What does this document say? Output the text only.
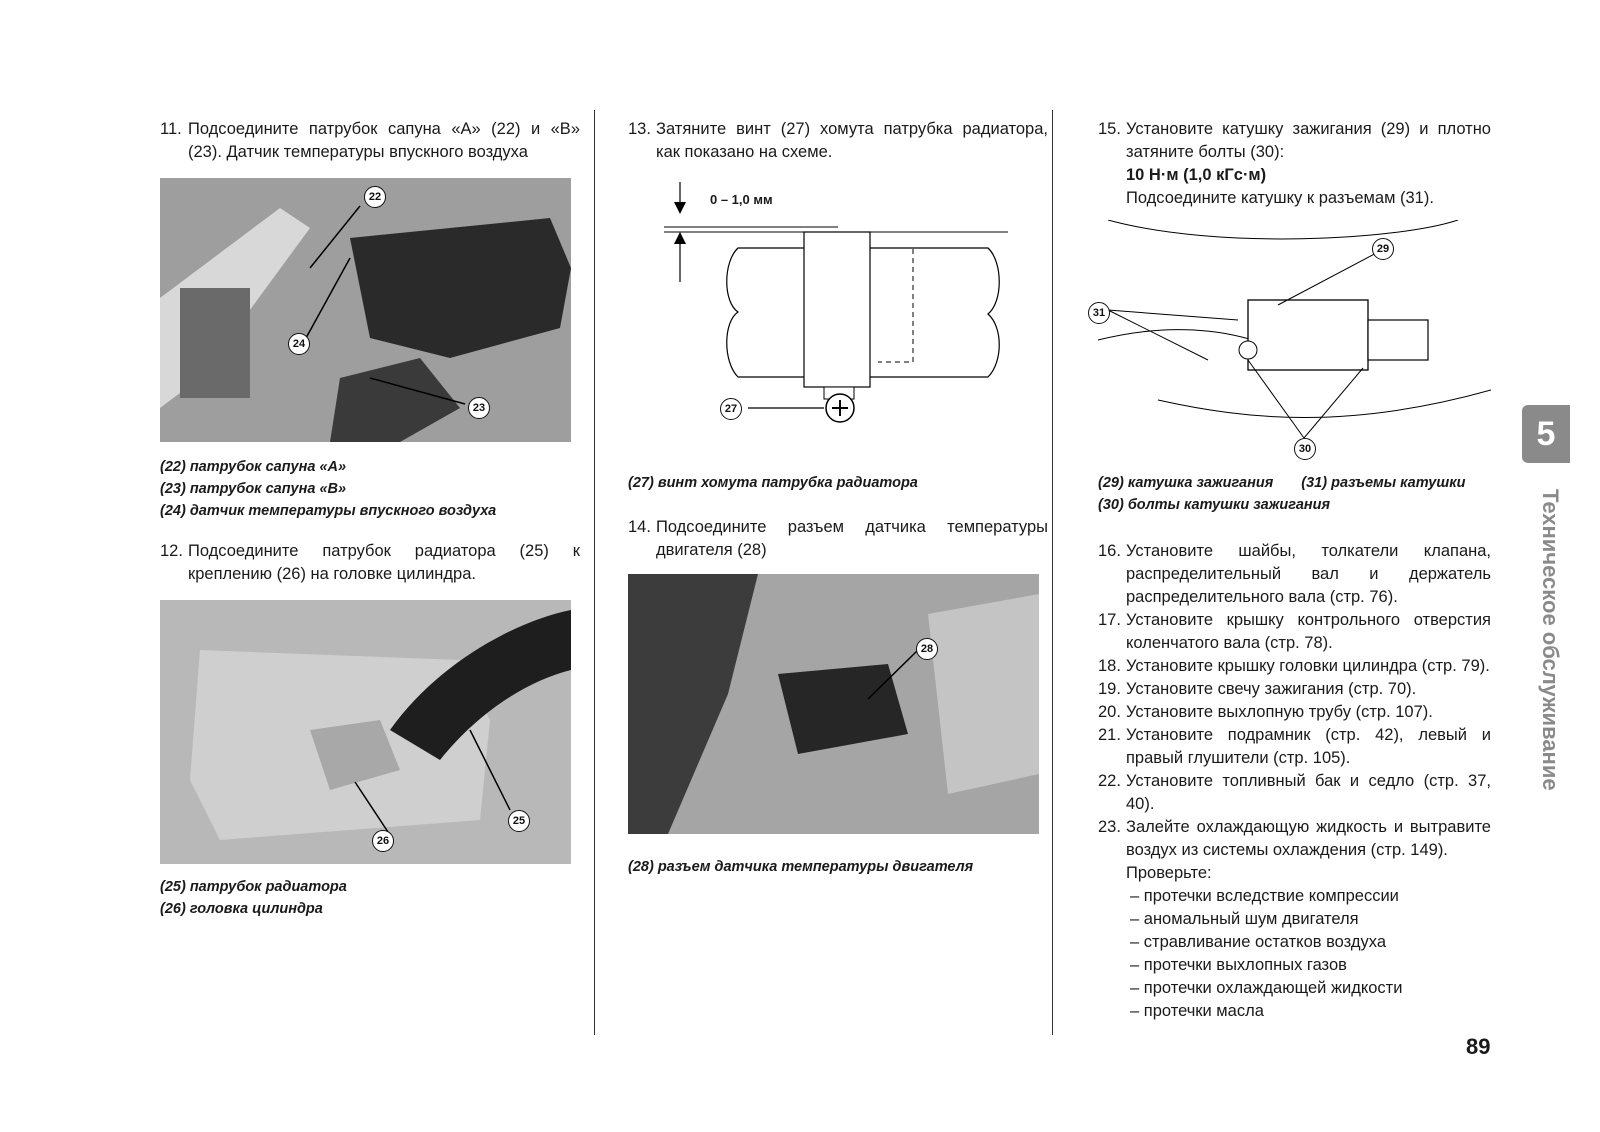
11. Подсоедините патрубок сапуна «A» (22) и «B» (23). Датчик температуры впускного воздуха
22
24
23
(22) патрубок сапуна «A»
(23) патрубок сапуна «B»
(24) датчик температуры впускного воздуха
12. Подсоедините патрубок радиатора (25) к креплению (26) на головке цилиндра.
26
25
(25) патрубок радиатора
(26) головка цилиндра
13. Затяните винт (27) хомута патрубка радиатора, как показано на схеме.
0 – 1,0 мм
27
(27) винт хомута патрубка радиатора
14. Подсоедините разъем датчика температуры двигателя (28)
28
(28) разъем датчика температуры двигателя
15. Установите катушку зажигания (29) и плотно затяните болты (30):
10 Н·м (1,0 кГс·м)
Подсоедините катушку к разъемам (31).
29
31
30
(29) катушка зажигания (31) разъемы катушки
(30) болты катушки зажигания
16. Установите шайбы, толкатели клапана, распределительный вал и держатель распределительного вала (стр. 76).
17. Установите крышку контрольного отверстия коленчатого вала (стр. 78).
18. Установите крышку головки цилиндра (стр. 79).
19. Установите свечу зажигания (стр. 70).
20. Установите выхлопную трубу (стр. 107).
21. Установите подрамник (стр. 42), левый и правый глушители (стр. 105).
22. Установите топливный бак и седло (стр. 37, 40).
23. Залейте охлаждающую жидкость и вытравите воздух из системы охлаждения (стр. 149).
Проверьте:
– протечки вследствие компрессии
– аномальный шум двигателя
– стравливание остатков воздуха
– протечки выхлопных газов
– протечки охлаждающей жидкости
– протечки масла
5
Техническое обслуживание
89
